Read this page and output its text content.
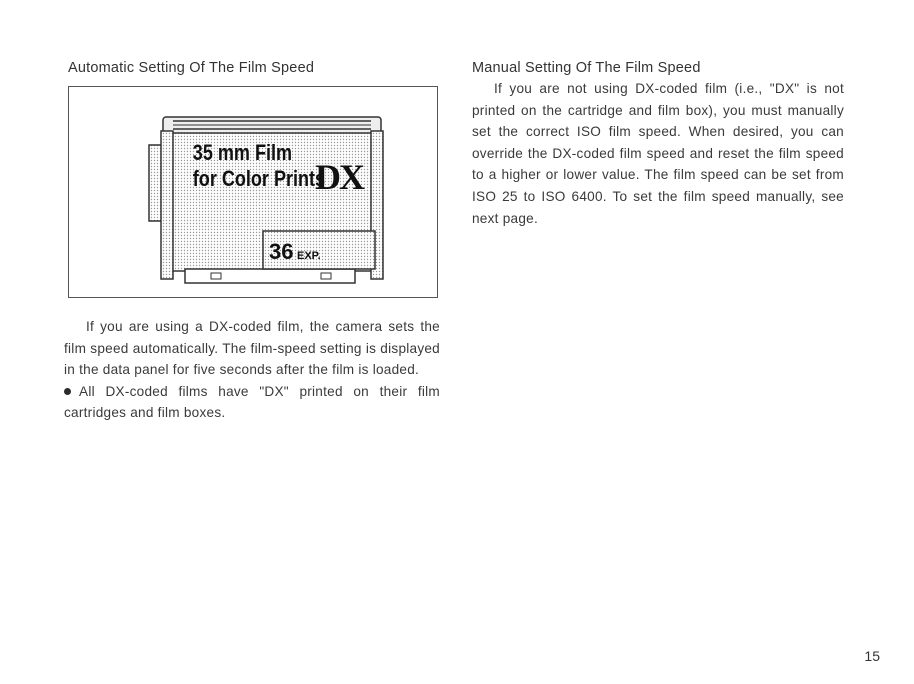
Automatic Setting Of The Film Speed
35 mm Film
for Color Prints
DX
36 EXP.

If you are using a DX-coded film, the camera sets the film speed automatically. The film-speed setting is displayed in the data panel for five seconds after the film is loaded.

All DX-coded films have "DX" printed on their film cartridges and film boxes.

Manual Setting Of The Film Speed

If you are not using DX-coded film (i.e., "DX" is not printed on the cartridge and film box), you must manually set the correct ISO film speed. When desired, you can override the DX-coded film speed and reset the film speed to a higher or lower value. The film speed can be set from ISO 25 to ISO 6400. To set the film speed manually, see next page.

15
